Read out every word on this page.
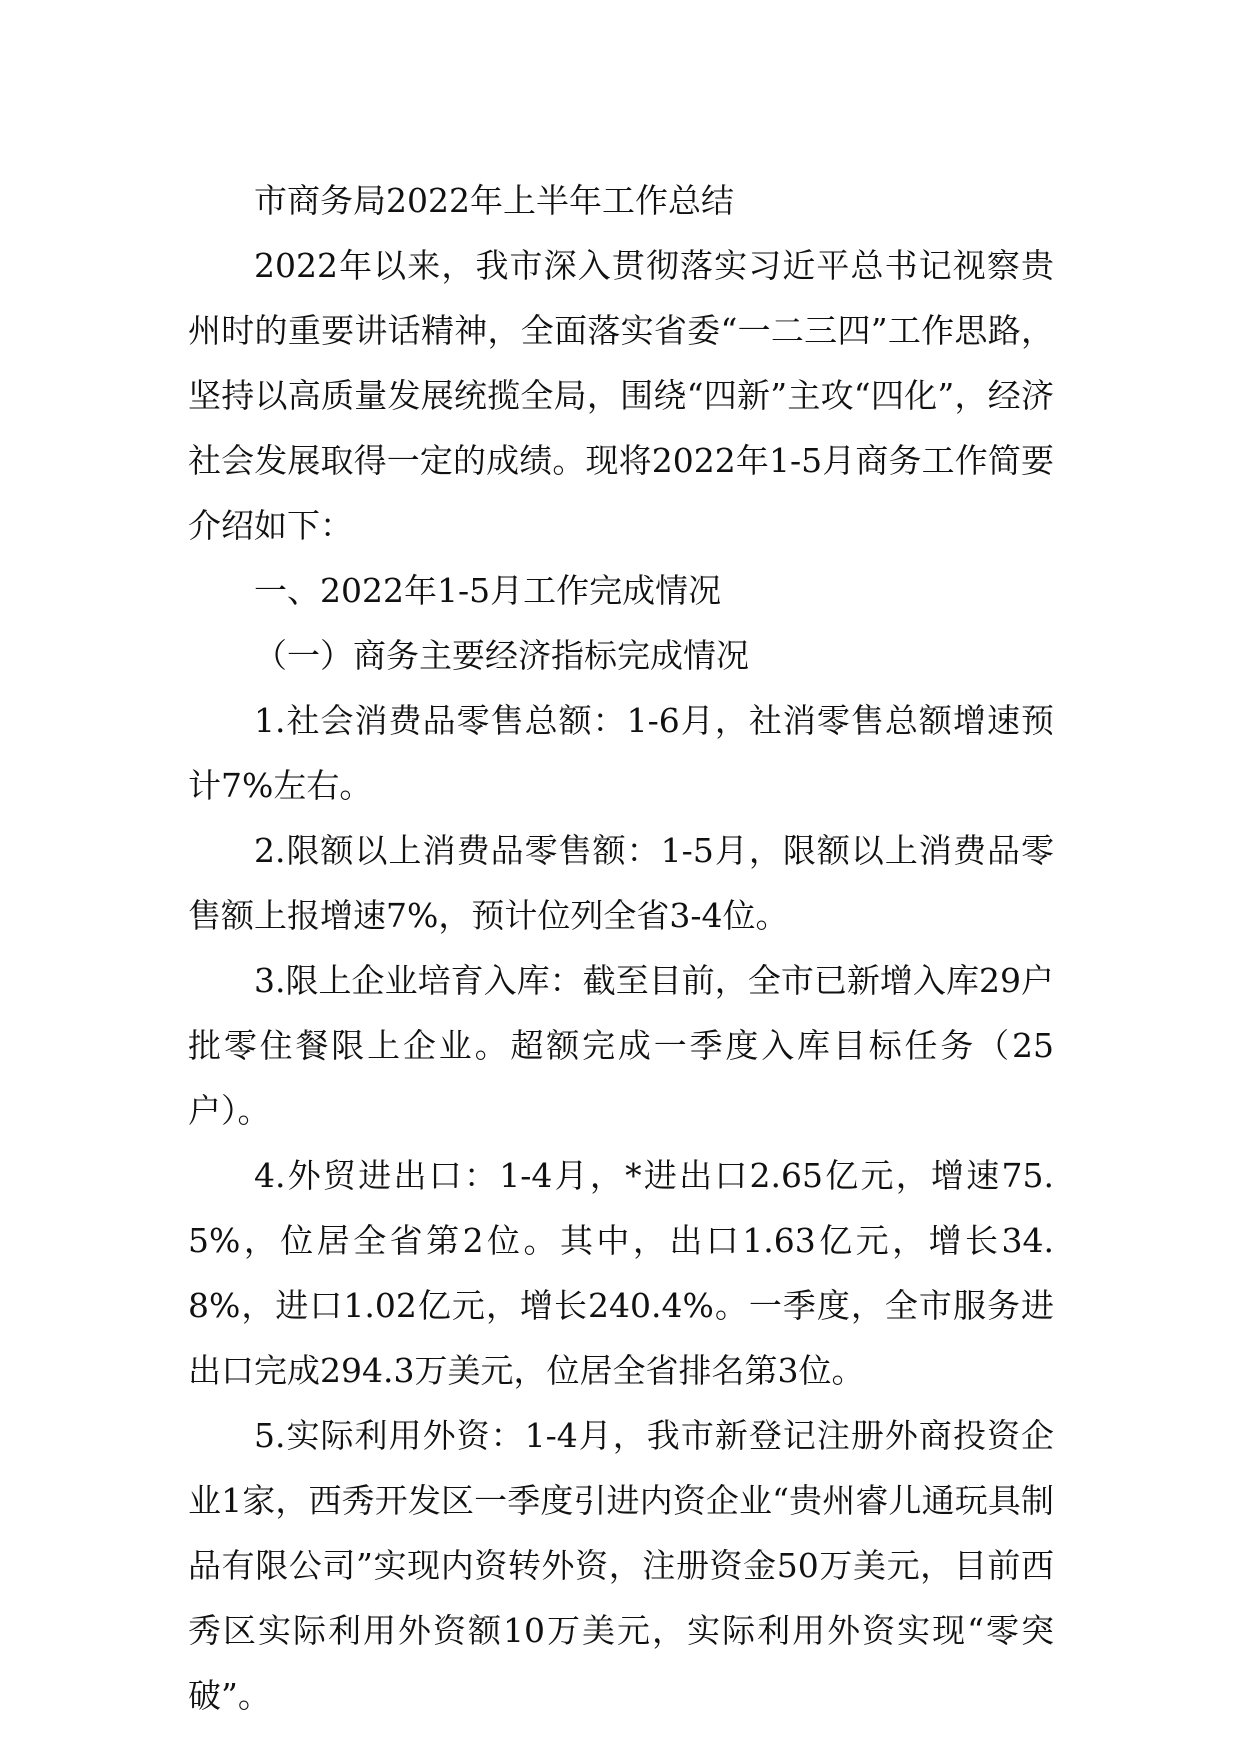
市商务局2022年上半年工作总结

2022年以来，我市深入贯彻落实习近平总书记视察贵州时的重要讲话精神，全面落实省委“一二三四”工作思路，坚持以高质量发展统揽全局，围绕“四新”主攻“四化”，经济社会发展取得一定的成绩。现将2022年1-5月商务工作简要介绍如下：

一、2022年1-5月工作完成情况

（一）商务主要经济指标完成情况

1.社会消费品零售总额：1-6月，社消零售总额增速预计7%左右。

2.限额以上消费品零售额：1-5月，限额以上消费品零售额上报增速7%，预计位列全省3-4位。

3.限上企业培育入库：截至目前，全市已新增入库29户批零住餐限上企业。超额完成一季度入库目标任务（25户）。

4.外贸进出口：1-4月，*进出口2.65亿元，增速75.5%，位居全省第2位。其中，出口1.63亿元，增长34.8%，进口1.02亿元，增长240.4%。一季度，全市服务进出口完成294.3万美元，位居全省排名第3位。

5.实际利用外资：1-4月，我市新登记注册外商投资企业1家，西秀开发区一季度引进内资企业“贵州睿儿通玩具制品有限公司”实现内资转外资，注册资金50万美元，目前西秀区实际利用外资额10万美元，实际利用外资实现“零突破”。
